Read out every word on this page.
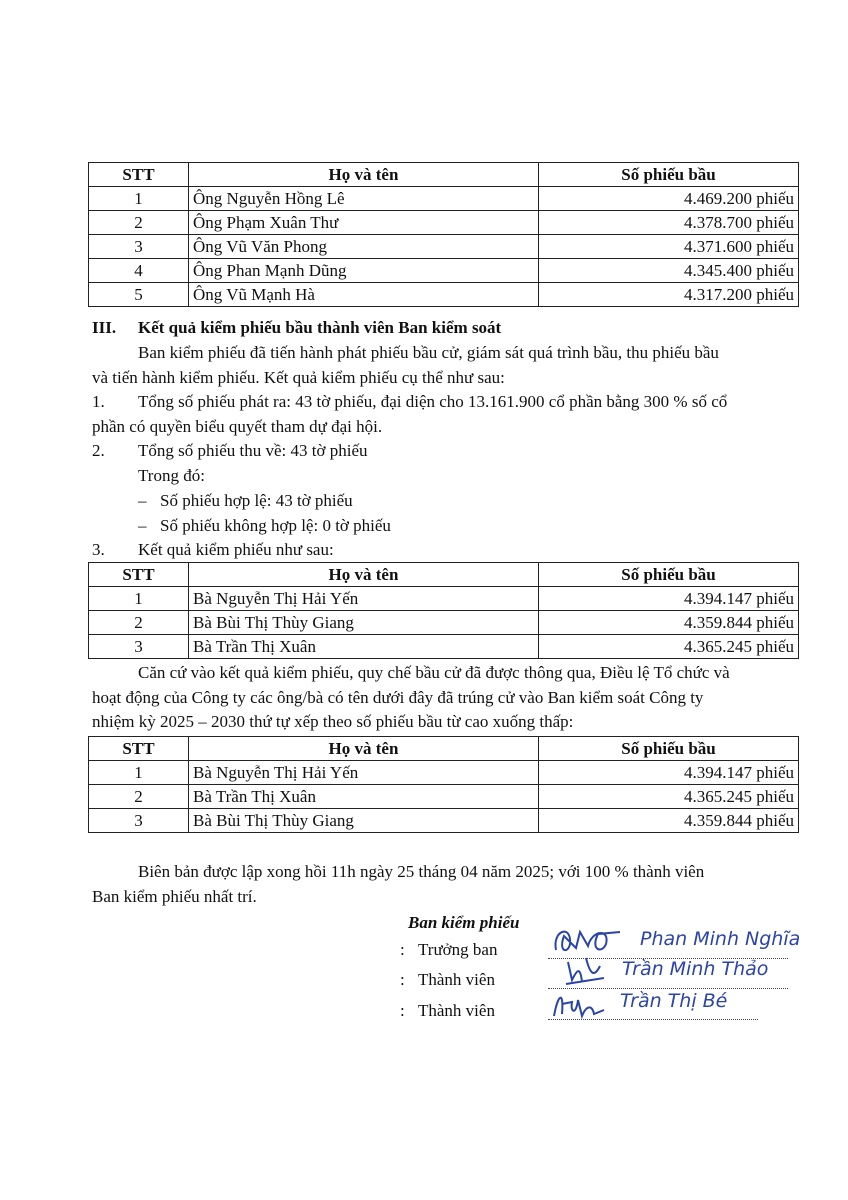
STT	Họ và tên	Số phiếu bầu
1	Ông Nguyễn Hồng Lê	4.469.200 phiếu
2	Ông Phạm Xuân Thư	4.378.700 phiếu
3	Ông Vũ Văn Phong	4.371.600 phiếu
4	Ông Phan Mạnh Dũng	4.345.400 phiếu
5	Ông Vũ Mạnh Hà	4.317.200 phiếu
III. Kết quả kiểm phiếu bầu thành viên Ban kiểm soát
Ban kiểm phiếu đã tiến hành phát phiếu bầu cử, giám sát quá trình bầu, thu phiếu bầu
và tiến hành kiểm phiếu. Kết quả kiểm phiếu cụ thể như sau:
1. Tổng số phiếu phát ra: 43 tờ phiếu, đại diện cho 13.161.900 cổ phần bằng 300 % số cổ
phần có quyền biểu quyết tham dự đại hội.
2. Tổng số phiếu thu về: 43 tờ phiếu
Trong đó:
– Số phiếu hợp lệ: 43 tờ phiếu
– Số phiếu không hợp lệ: 0 tờ phiếu
3. Kết quả kiểm phiếu như sau:
STT	Họ và tên	Số phiếu bầu
1	Bà Nguyễn Thị Hải Yến	4.394.147 phiếu
2	Bà Bùi Thị Thùy Giang	4.359.844 phiếu
3	Bà Trần Thị Xuân	4.365.245 phiếu
Căn cứ vào kết quả kiểm phiếu, quy chế bầu cử đã được thông qua, Điều lệ Tổ chức và
hoạt động của Công ty các ông/bà có tên dưới đây đã trúng cử vào Ban kiểm soát Công ty
nhiệm kỳ 2025 – 2030 thứ tự xếp theo số phiếu bầu từ cao xuống thấp:
STT	Họ và tên	Số phiếu bầu
1	Bà Nguyễn Thị Hải Yến	4.394.147 phiếu
2	Bà Trần Thị Xuân	4.365.245 phiếu
3	Bà Bùi Thị Thùy Giang	4.359.844 phiếu
Biên bản được lập xong hồi 11h ngày 25 tháng 04 năm 2025; với 100 % thành viên
Ban kiểm phiếu nhất trí.
Ban kiểm phiếu
: Trưởng ban
: Thành viên
: Thành viên
Phan Minh Nghĩa
Trần Minh Thảo
Trần Thị Bé
